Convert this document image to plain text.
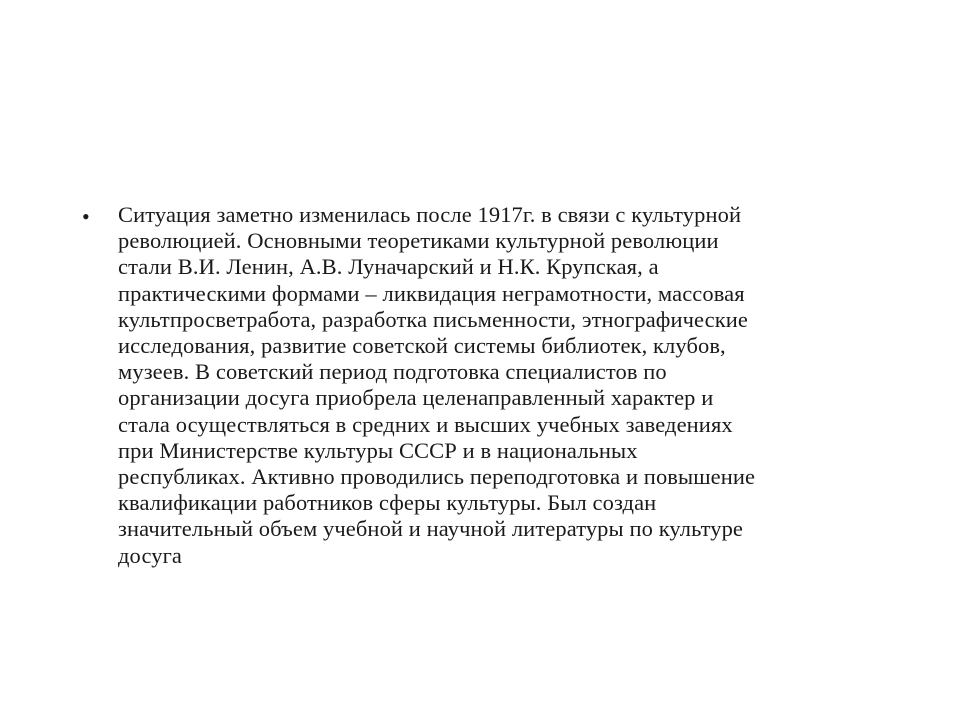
• Ситуация заметно изменилась после 1917г. в связи с культурной
революцией. Основными теоретиками культурной революции
стали В.И. Ленин, А.В. Луначарский и Н.К. Крупская, а
практическими формами – ликвидация неграмотности, массовая
культпросветработа, разработка письменности, этнографические
исследования, развитие советской системы библиотек, клубов,
музеев. В советский период подготовка специалистов по
организации досуга приобрела целенаправленный характер и
стала осуществляться в средних и высших учебных заведениях
при Министерстве культуры СССР и в национальных
республиках. Активно проводились переподготовка и повышение
квалификации работников сферы культуры. Был создан
значительный объем учебной и научной литературы по культуре
досуга
